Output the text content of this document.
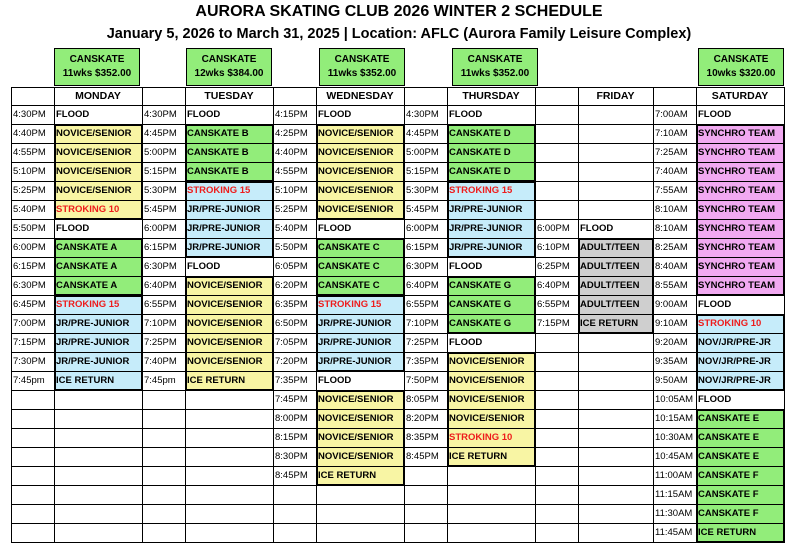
AURORA SKATING CLUB 2026 WINTER 2 SCHEDULE
January 5, 2026 to March 31, 2025 | Location: AFLC (Aurora Family Leisure Complex)
CANSKATE
11wks $352.00
CANSKATE
12wks $384.00
CANSKATE
11wks $352.00
CANSKATE
11wks $352.00
CANSKATE
10wks $320.00
MONDAY
4:30PM	FLOOD
4:40PM	NOVICE/SENIOR
4:55PM	NOVICE/SENIOR
5:10PM	NOVICE/SENIOR
5:25PM	NOVICE/SENIOR
5:40PM	STROKING 10
5:50PM	FLOOD
6:00PM	CANSKATE A
6:15PM	CANSKATE A
6:30PM	CANSKATE A
6:45PM	STROKING 15
7:00PM	JR/PRE-JUNIOR
7:15PM	JR/PRE-JUNIOR
7:30PM	JR/PRE-JUNIOR
7:45pm	ICE RETURN
TUESDAY
4:30PM	FLOOD
4:45PM	CANSKATE B
5:00PM	CANSKATE B
5:15PM	CANSKATE B
5:30PM	STROKING 15
5:45PM	JR/PRE-JUNIOR
6:00PM	JR/PRE-JUNIOR
6:15PM	JR/PRE-JUNIOR
6:30PM	FLOOD
6:40PM	NOVICE/SENIOR
6:55PM	NOVICE/SENIOR
7:10PM	NOVICE/SENIOR
7:25PM	NOVICE/SENIOR
7:40PM	NOVICE/SENIOR
7:45pm	ICE RETURN
WEDNESDAY
4:15PM	FLOOD
4:25PM	NOVICE/SENIOR
4:40PM	NOVICE/SENIOR
4:55PM	NOVICE/SENIOR
5:10PM	NOVICE/SENIOR
5:25PM	NOVICE/SENIOR
5:40PM	FLOOD
5:50PM	CANSKATE C
6:05PM	CANSKATE C
6:20PM	CANSKATE C
6:35PM	STROKING 15
6:50PM	JR/PRE-JUNIOR
7:05PM	JR/PRE-JUNIOR
7:20PM	JR/PRE-JUNIOR
7:35PM	FLOOD
7:45PM	NOVICE/SENIOR
8:00PM	NOVICE/SENIOR
8:15PM	NOVICE/SENIOR
8:30PM	NOVICE/SENIOR
8:45PM	ICE RETURN
THURSDAY
4:30PM	FLOOD
4:45PM	CANSKATE D
5:00PM	CANSKATE D
5:15PM	CANSKATE D
5:30PM	STROKING 15
5:45PM	JR/PRE-JUNIOR
6:00PM	JR/PRE-JUNIOR
6:15PM	JR/PRE-JUNIOR
6:30PM	FLOOD
6:40PM	CANSKATE G
6:55PM	CANSKATE G
7:10PM	CANSKATE G
7:25PM	FLOOD
7:35PM	NOVICE/SENIOR
7:50PM	NOVICE/SENIOR
8:05PM	NOVICE/SENIOR
8:20PM	NOVICE/SENIOR
8:35PM	STROKING 10
8:45PM	ICE RETURN
FRIDAY
6:00PM	FLOOD
6:10PM	ADULT/TEEN
6:25PM	ADULT/TEEN
6:40PM	ADULT/TEEN
6:55PM	ADULT/TEEN
7:15PM	ICE RETURN
SATURDAY
7:00AM	FLOOD
7:10AM	SYNCHRO TEAM
7:25AM	SYNCHRO TEAM
7:40AM	SYNCHRO TEAM
7:55AM	SYNCHRO TEAM
8:10AM	SYNCHRO TEAM
8:10AM	SYNCHRO TEAM
8:25AM	SYNCHRO TEAM
8:40AM	SYNCHRO TEAM
8:55AM	SYNCHRO TEAM
9:00AM	FLOOD
9:10AM	STROKING 10
9:20AM	NOV/JR/PRE-JR
9:35AM	NOV/JR/PRE-JR
9:50AM	NOV/JR/PRE-JR
10:05AM FLOOD
10:15AM CANSKATE E
10:30AM CANSKATE E
10:45AM CANSKATE E
11:00AM CANSKATE F
11:15AM CANSKATE F
11:30AM CANSKATE F
11:45AM ICE RETURN
